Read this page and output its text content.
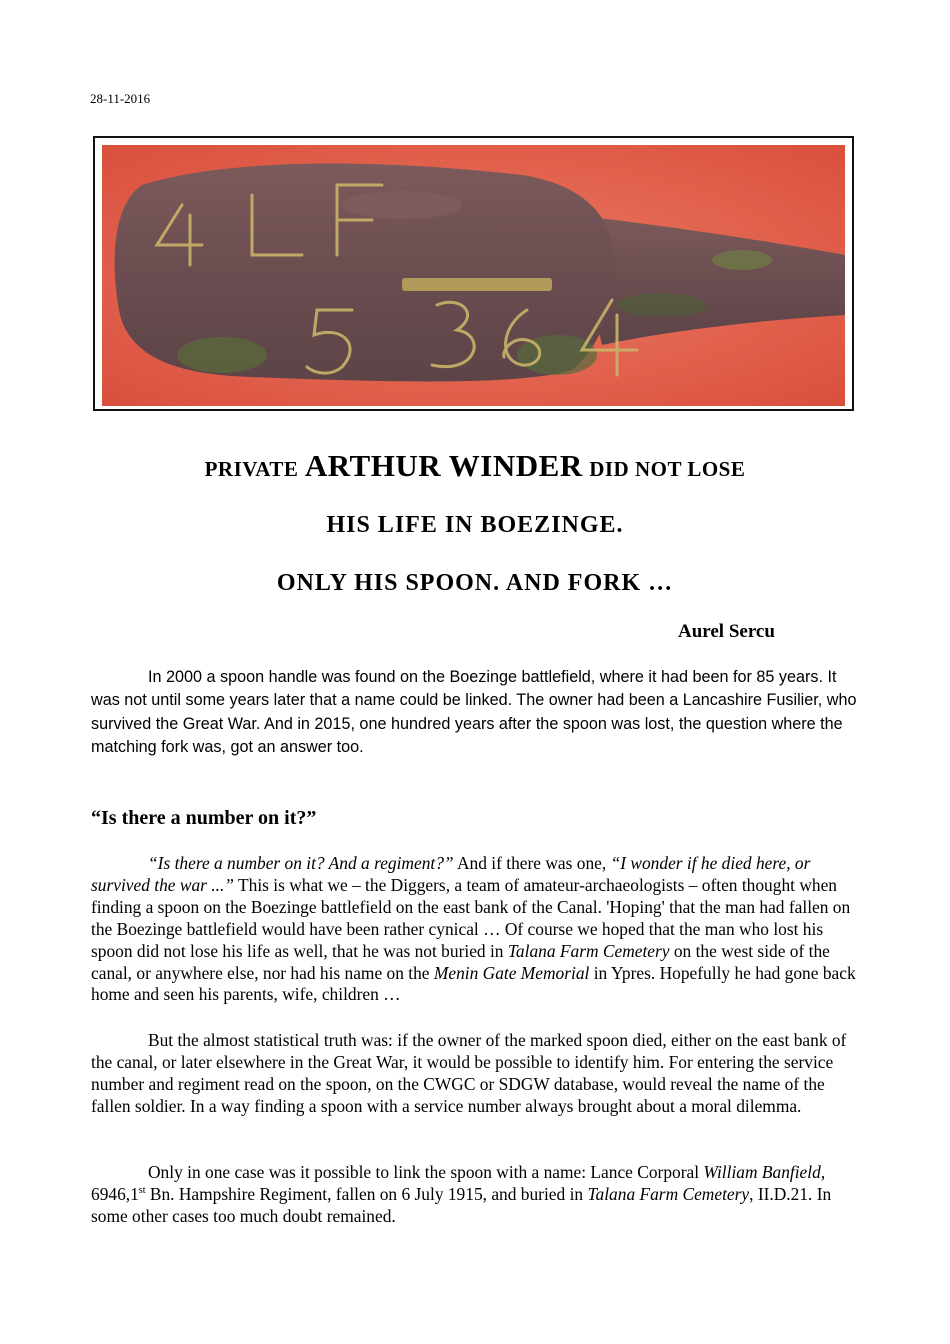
28-11-2016
PRIVATE ARTHUR WINDER DID NOT LOSE
HIS LIFE IN BOEZINGE.
ONLY HIS SPOON. AND FORK …
Aurel Sercu

In 2000 a spoon handle was found on the Boezinge battlefield, where it had been for 85 years. It was not until some years later that a name could be linked. The owner had been a Lancashire Fusilier, who survived the Great War. And in 2015, one hundred years after the spoon was lost, the question where the matching fork was, got an answer too.

“Is there a number on it?”

“Is there a number on it? And a regiment?” And if there was one, “I wonder if he died here, or survived the war ...” This is what we – the Diggers, a team of amateur-archaeologists – often thought when finding a spoon on the Boezinge battlefield on the east bank of the Canal. 'Hoping' that the man had fallen on the Boezinge battlefield would have been rather cynical … Of course we hoped that the man who lost his spoon did not lose his life as well, that he was not buried in Talana Farm Cemetery on the west side of the canal, or anywhere else, nor had his name on the Menin Gate Memorial in Ypres. Hopefully he had gone back home and seen his parents, wife, children …

But the almost statistical truth was: if the owner of the marked spoon died, either on the east bank of the canal, or later elsewhere in the Great War, it would be possible to identify him. For entering the service number and regiment read on the spoon, on the CWGC or SDGW database, would reveal the name of the fallen soldier. In a way finding a spoon with a service number always brought about a moral dilemma.

Only in one case was it possible to link the spoon with a name: Lance Corporal William Banfield, 6946,1st Bn. Hampshire Regiment, fallen on 6 July 1915, and buried in Talana Farm Cemetery, II.D.21. In some other cases too much doubt remained.
